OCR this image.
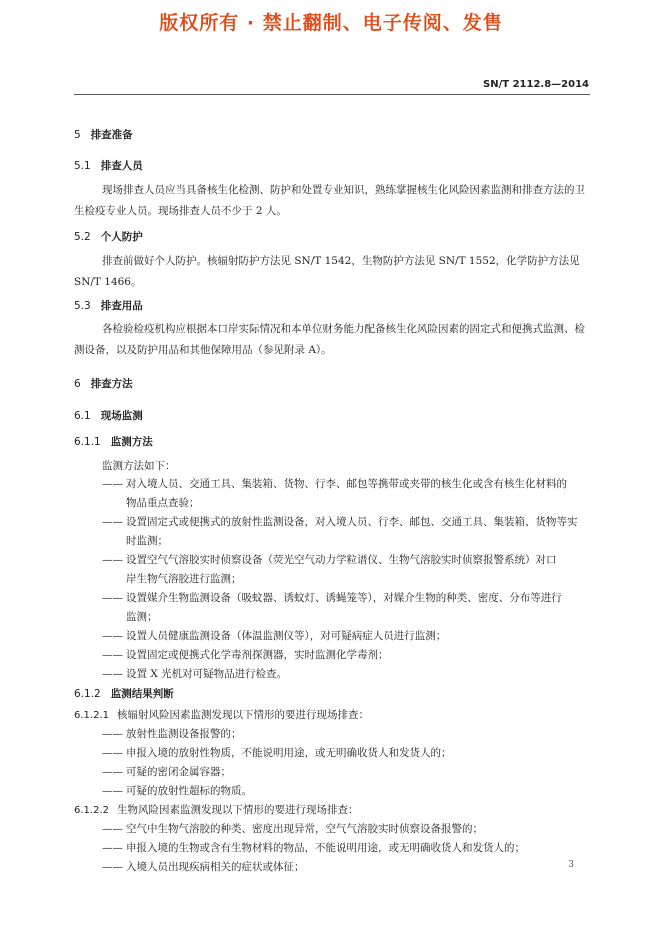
版权所有 · 禁止翻制、电子传阅、发售
SN/T 2112.8—2014
5 排查准备
5.1 排查人员

现场排查人员应当具备核生化检测、防护和处置专业知识，熟练掌握核生化风险因素监测和排查方法的卫生检疫专业人员。现场排查人员不少于 2 人。

5.2 个人防护

排查前做好个人防护。核辐射防护方法见 SN/T 1542，生物防护方法见 SN/T 1552，化学防护方法见 SN/T 1466。

5.3 排查用品

各检验检疫机构应根据本口岸实际情况和本单位财务能力配备核生化风险因素的固定式和便携式监测、检测设备，以及防护用品和其他保障用品（参见附录 A）。

6 排查方法
6.1 现场监测
6.1.1 监测方法
监测方法如下：
—— 对入境人员、交通工具、集装箱、货物、行李、邮包等携带或夹带的核生化或含有核生化材料的
物品重点查验；
—— 设置固定式或便携式的放射性监测设备，对入境人员、行李、邮包、交通工具、集装箱、货物等实
时监测；
—— 设置空气气溶胶实时侦察设备（荧光空气动力学粒谱仪、生物气溶胶实时侦察报警系统）对口
岸生物气溶胶进行监测；
—— 设置媒介生物监测设备（吸蚊器、诱蚊灯、诱蝇笼等），对媒介生物的种类、密度、分布等进行
监测；
—— 设置人员健康监测设备（体温监测仪等），对可疑病症人员进行监测；
—— 设置固定或便携式化学毒剂探测器，实时监测化学毒剂；
—— 设置 X 光机对可疑物品进行检查。
6.1.2 监测结果判断
6.1.2.1 核辐射风险因素监测发现以下情形的要进行现场排查：
—— 放射性监测设备报警的；
—— 申报入境的放射性物质，不能说明用途，或无明确收货人和发货人的；
—— 可疑的密闭金属容器；
—— 可疑的放射性超标的物质。
6.1.2.2 生物风险因素监测发现以下情形的要进行现场排查：
—— 空气中生物气溶胶的种类、密度出现异常，空气气溶胶实时侦察设备报警的；
—— 申报入境的生物或含有生物材料的物品，不能说明用途，或无明确收货人和发货人的；
—— 入境人员出现疾病相关的症状或体征；	3
